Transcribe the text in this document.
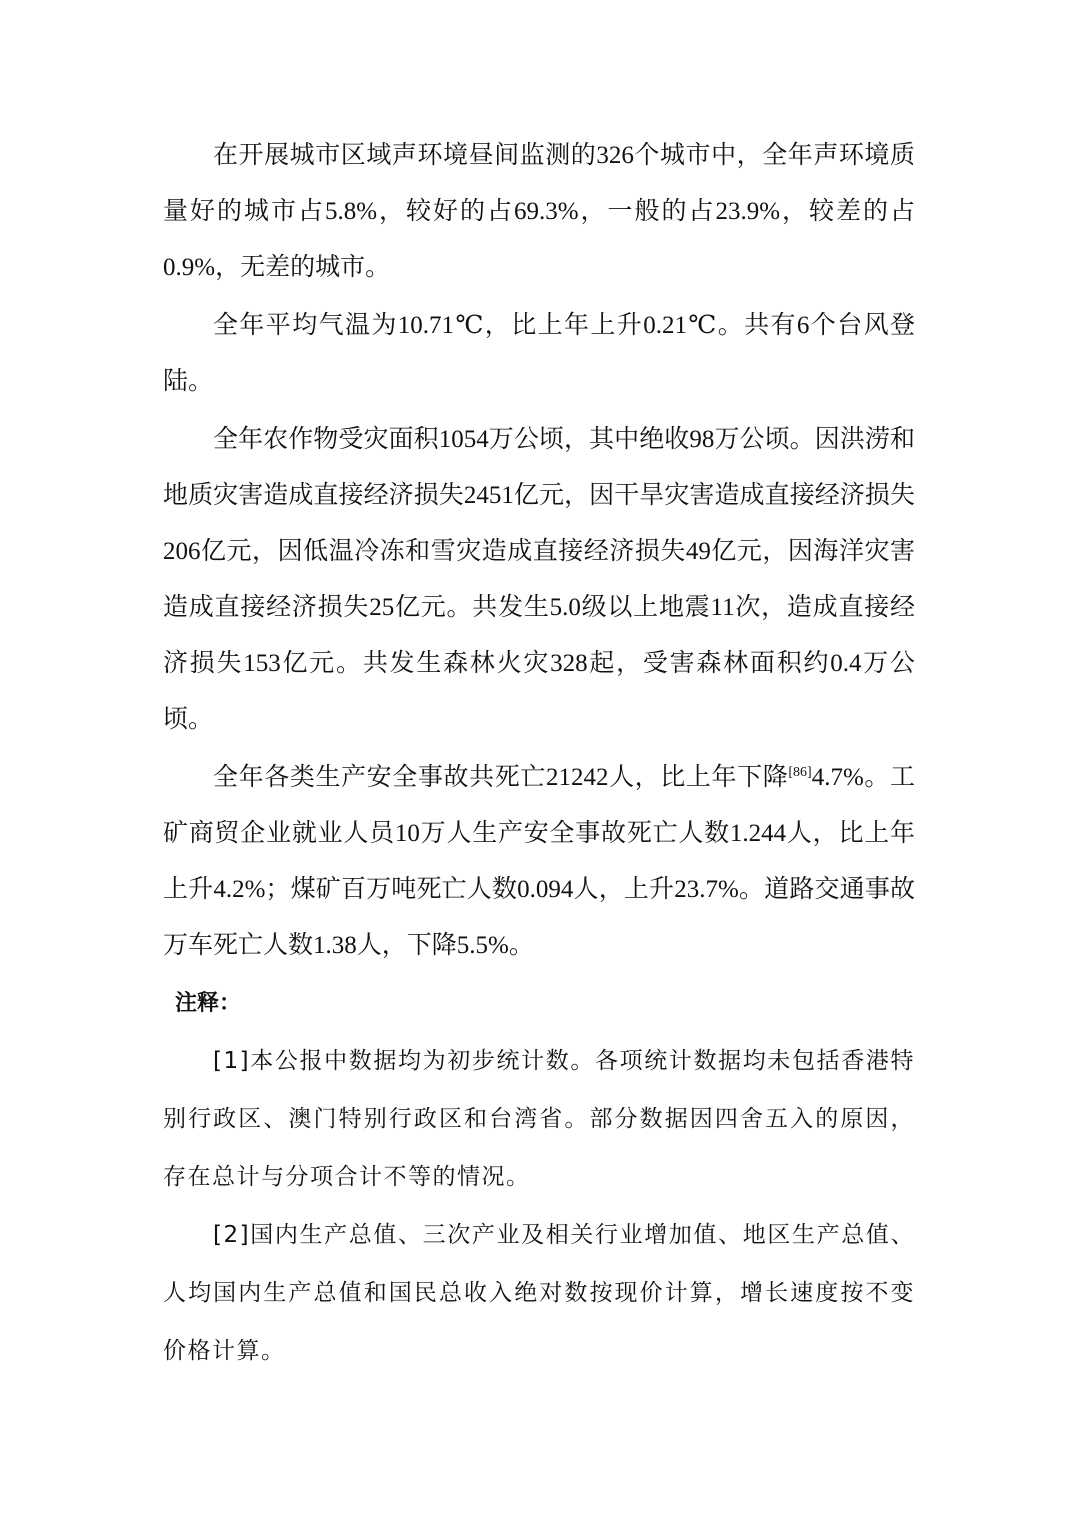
在开展城市区域声环境昼间监测的326个城市中，全年声环境质量好的城市占5.8%，较好的占69.3%，一般的占23.9%，较差的占0.9%，无差的城市。

全年平均气温为10.71℃，比上年上升0.21℃。共有6个台风登陆。

全年农作物受灾面积1054万公顷，其中绝收98万公顷。因洪涝和地质灾害造成直接经济损失2451亿元，因干旱灾害造成直接经济损失206亿元，因低温冷冻和雪灾造成直接经济损失49亿元，因海洋灾害造成直接经济损失25亿元。共发生5.0级以上地震11次，造成直接经济损失153亿元。共发生森林火灾328起，受害森林面积约0.4万公顷。

全年各类生产安全事故共死亡21242人，比上年下降[86]4.7%。工矿商贸企业就业人员10万人生产安全事故死亡人数1.244人，比上年上升4.2%；煤矿百万吨死亡人数0.094人，上升23.7%。道路交通事故万车死亡人数1.38人，下降5.5%。

注释：

[1]本公报中数据均为初步统计数。各项统计数据均未包括香港特别行政区、澳门特别行政区和台湾省。部分数据因四舍五入的原因，存在总计与分项合计不等的情况。

[2]国内生产总值、三次产业及相关行业增加值、地区生产总值、人均国内生产总值和国民总收入绝对数按现价计算，增长速度按不变价格计算。
